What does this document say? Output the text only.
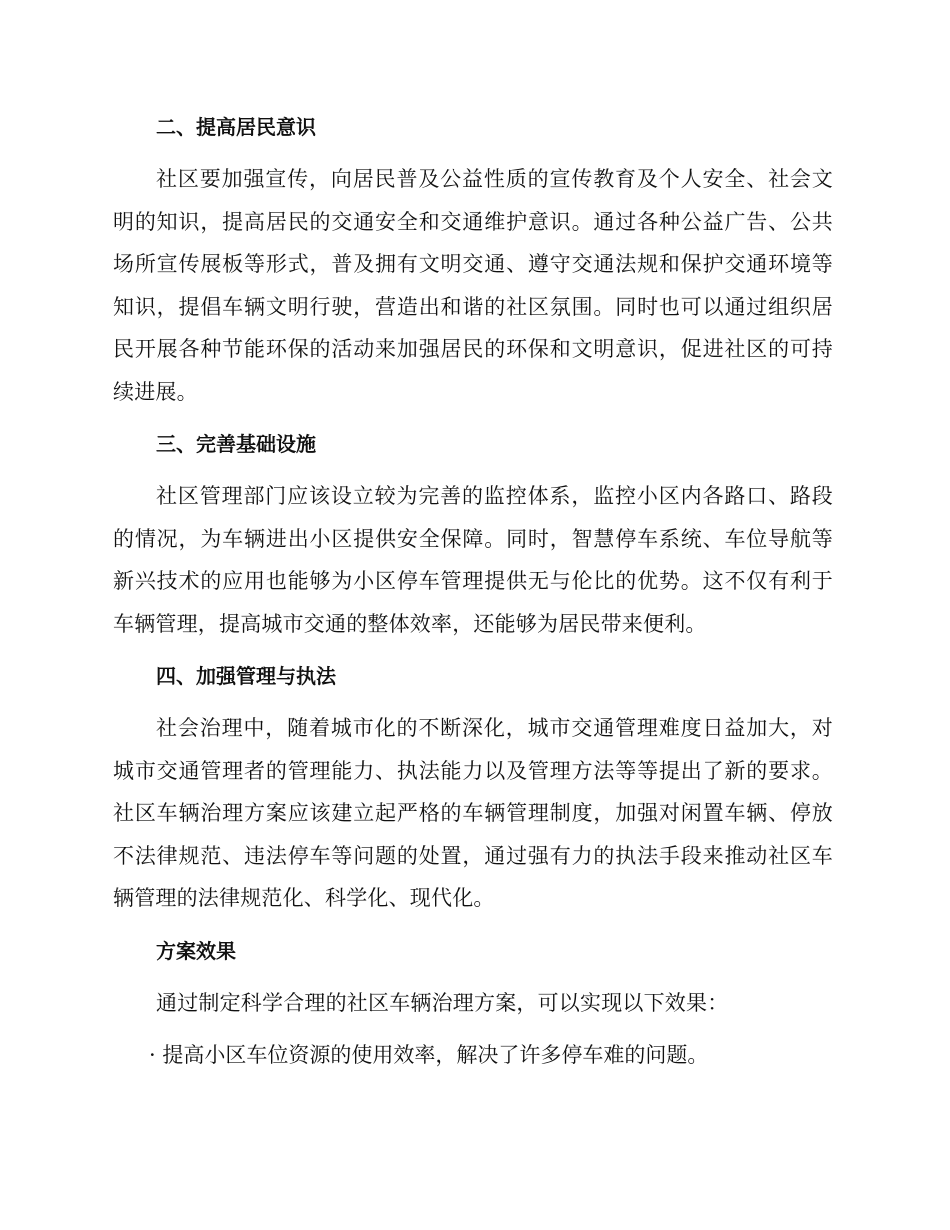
二、提高居民意识

社区要加强宣传，向居民普及公益性质的宣传教育及个人安全、社会文明的知识，提高居民的交通安全和交通维护意识。通过各种公益广告、公共场所宣传展板等形式，普及拥有文明交通、遵守交通法规和保护交通环境等知识，提倡车辆文明行驶，营造出和谐的社区氛围。同时也可以通过组织居民开展各种节能环保的活动来加强居民的环保和文明意识，促进社区的可持续进展。

三、完善基础设施

社区管理部门应该设立较为完善的监控体系，监控小区内各路口、路段的情况，为车辆进出小区提供安全保障。同时，智慧停车系统、车位导航等新兴技术的应用也能够为小区停车管理提供无与伦比的优势。这不仅有利于车辆管理，提高城市交通的整体效率，还能够为居民带来便利。

四、加强管理与执法

社会治理中，随着城市化的不断深化，城市交通管理难度日益加大，对城市交通管理者的管理能力、执法能力以及管理方法等等提出了新的要求。社区车辆治理方案应该建立起严格的车辆管理制度，加强对闲置车辆、停放不法律规范、违法停车等问题的处置，通过强有力的执法手段来推动社区车辆管理的法律规范化、科学化、现代化。

方案效果

通过制定科学合理的社区车辆治理方案，可以实现以下效果：

· 提高小区车位资源的使用效率，解决了许多停车难的问题。
